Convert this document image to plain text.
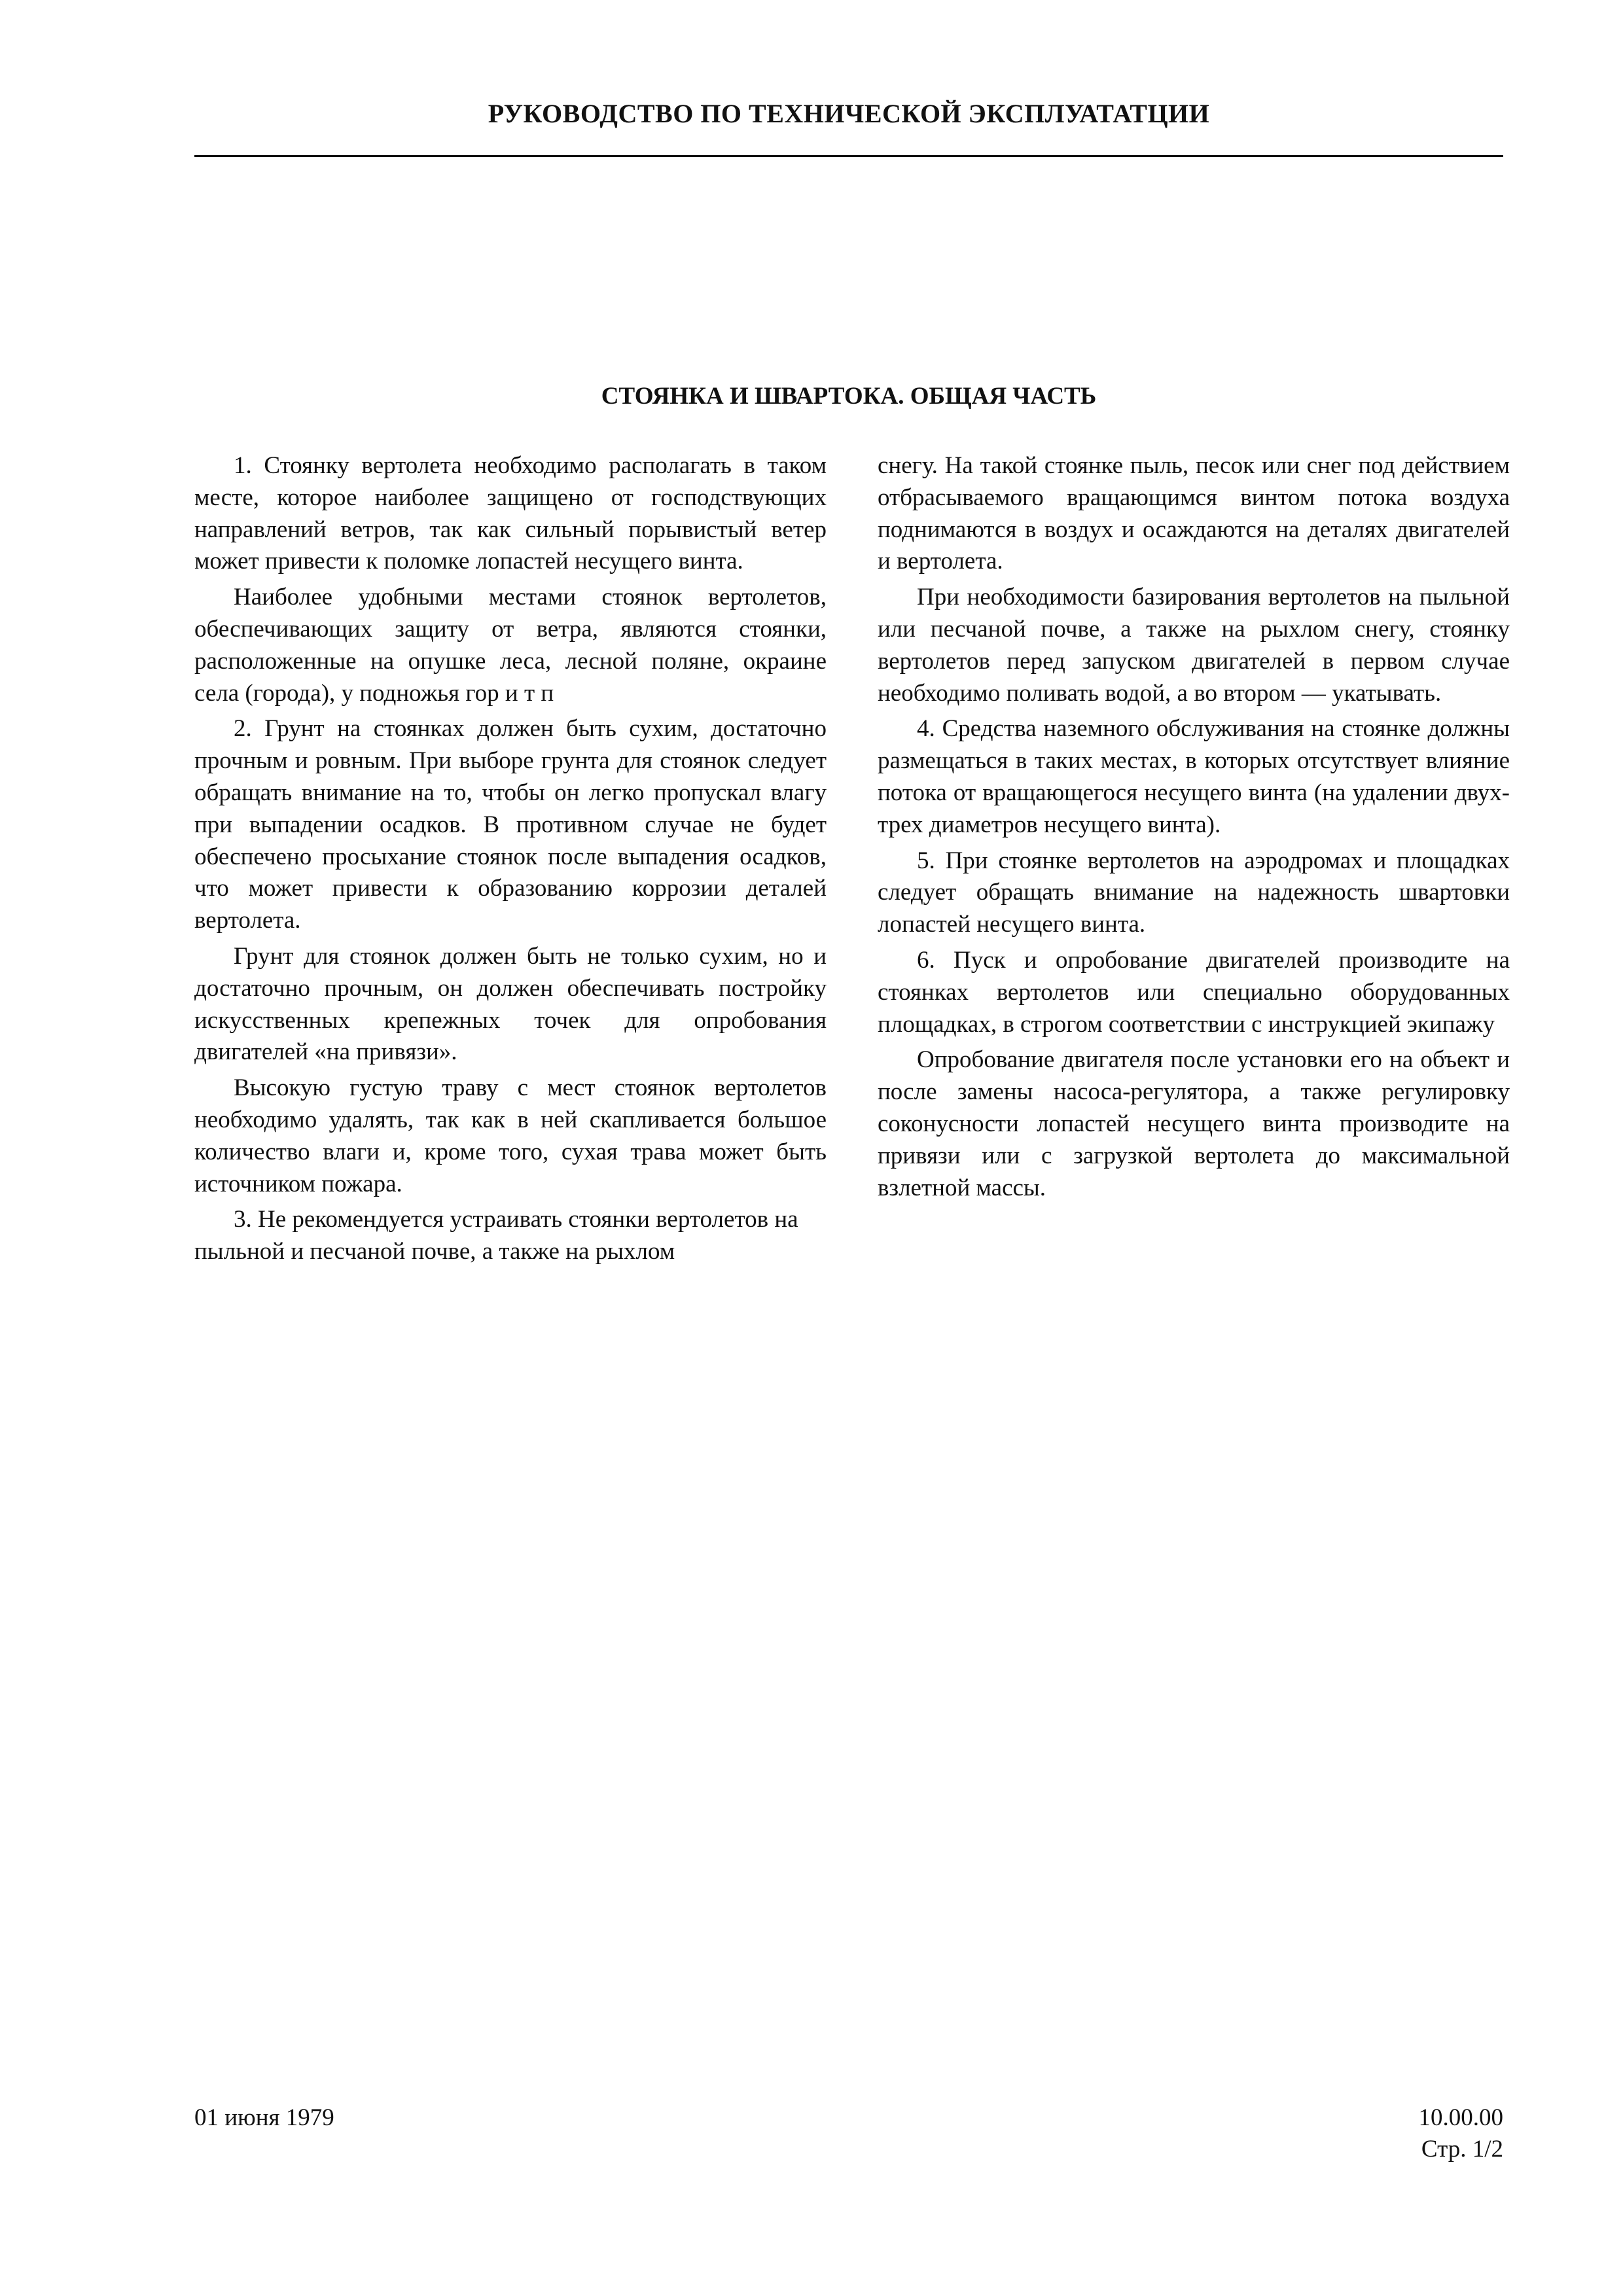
РУКОВОДСТВО ПО ТЕХНИЧЕСКОЙ ЭКСПЛУАТАТЦИИ
СТОЯНКА И ШВАРТОКА. ОБЩАЯ ЧАСТЬ

1. Стоянку вертолета необходимо располагать в таком месте, которое наиболее защищено от господствующих направлений ветров, так как сильный порывистый ветер может привести к поломке лопастей несущего винта.

Наиболее удобными местами стоянок вертолетов, обеспечивающих защиту от ветра, являются стоянки, расположенные на опушке леса, лесной поляне, окраине села (города), у подножья гор и т п

2. Грунт на стоянках должен быть сухим, достаточно прочным и ровным. При выборе грунта для стоянок следует обращать внимание на то, чтобы он легко пропускал влагу при выпадении осадков. В противном случае не будет обеспечено просыхание стоянок после выпадения осадков, что может привести к образованию коррозии деталей вертолета.

Грунт для стоянок должен быть не только сухим, но и достаточно прочным, он должен обеспечивать постройку искусственных крепежных точек для опробования двигателей «на привязи».

Высокую густую траву с мест стоянок вертолетов необходимо удалять, так как в ней скапливается большое количество влаги и, кроме того, сухая трава может быть источником пожара.

3. Не рекомендуется устраивать стоянки вертолетов на пыльной и песчаной почве, а также на рыхлом

снегу. На такой стоянке пыль, песок или снег под действием отбрасываемого вращающимся винтом потока воздуха поднимаются в воздух и осаждаются на деталях двигателей и вертолета.

При необходимости базирования вертолетов на пыльной или песчаной почве, а также на рыхлом снегу, стоянку вертолетов перед запуском двигателей в первом случае необходимо поливать водой, а во втором — укатывать.

4. Средства наземного обслуживания на стоянке должны размещаться в таких местах, в которых отсутствует влияние потока от вращающегося несущего винта (на удалении двух-трех диаметров несущего винта).

5. При стоянке вертолетов на аэродромах и площадках следует обращать внимание на надежность швартовки лопастей несущего винта.

6. Пуск и опробование двигателей производите на стоянках вертолетов или специально оборудованных площадках, в строгом соответствии с инструкцией экипажу

Опробование двигателя после установки его на объект и после замены насоса-регулятора, а также регулировку соконусности лопастей несущего винта производите на привязи или с загрузкой вертолета до максимальной взлетной массы.

01 июня 1979	10.00.00
Стр. 1/2
